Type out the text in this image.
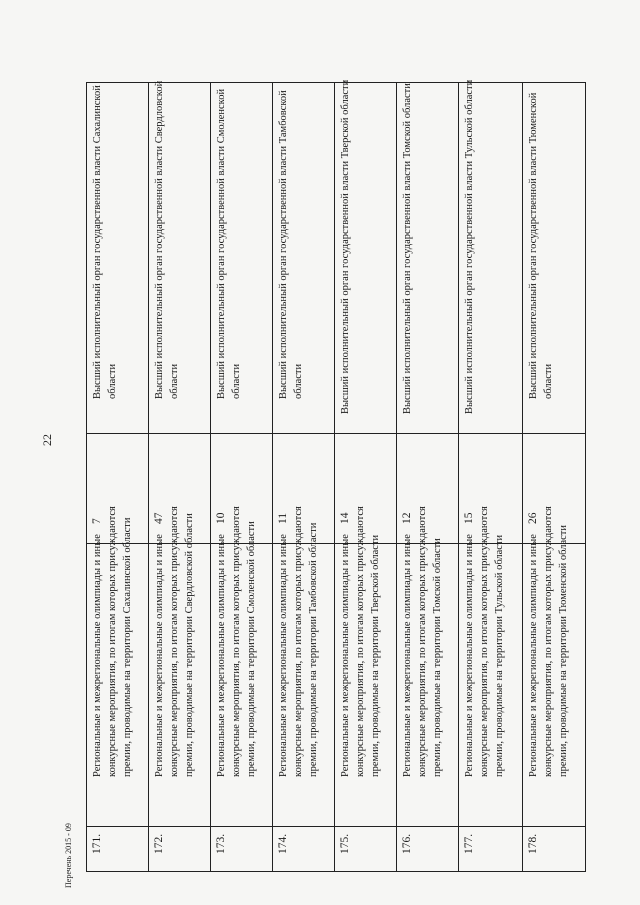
22
Высший исполнительный орган государственной власти Сахалинской области
7
Региональные и межрегиональные олимпиады и иные конкурсные мероприятия, по итогам которых присуждаются премии, проводимые на территории Сахалинской области
171.
Высший исполнительный орган государственной власти Свердловской области
47
Региональные и межрегиональные олимпиады и иные конкурсные мероприятия, по итогам которых присуждаются премии, проводимые на территории Свердловской области
172.
Высший исполнительный орган государственной власти Смоленской области
10
Региональные и межрегиональные олимпиады и иные конкурсные мероприятия, по итогам которых присуждаются премии, проводимые на территории Смоленской области
173.
Высший исполнительный орган государственной власти Тамбовской области
11
Региональные и межрегиональные олимпиады и иные конкурсные мероприятия, по итогам которых присуждаются премии, проводимые на территории Тамбовской области
174.
Высший исполнительный орган государственной власти Тверской области
14
Региональные и межрегиональные олимпиады и иные конкурсные мероприятия, по итогам которых присуждаются премии, проводимые на территории Тверской области
175.
Высший исполнительный орган государственной власти Томской области
12
Региональные и межрегиональные олимпиады и иные конкурсные мероприятия, по итогам которых присуждаются премии, проводимые на территории Томской области
176.
Высший исполнительный орган государственной власти Тульской области
15
Региональные и межрегиональные олимпиады и иные конкурсные мероприятия, по итогам которых присуждаются премии, проводимые на территории Тульской области
177.
Высший исполнительный орган государственной власти Тюменской области
26
Региональные и межрегиональные олимпиады и иные конкурсные мероприятия, по итогам которых присуждаются премии, проводимые на территории Тюменской области
178.
Перечень 2015 - 09
